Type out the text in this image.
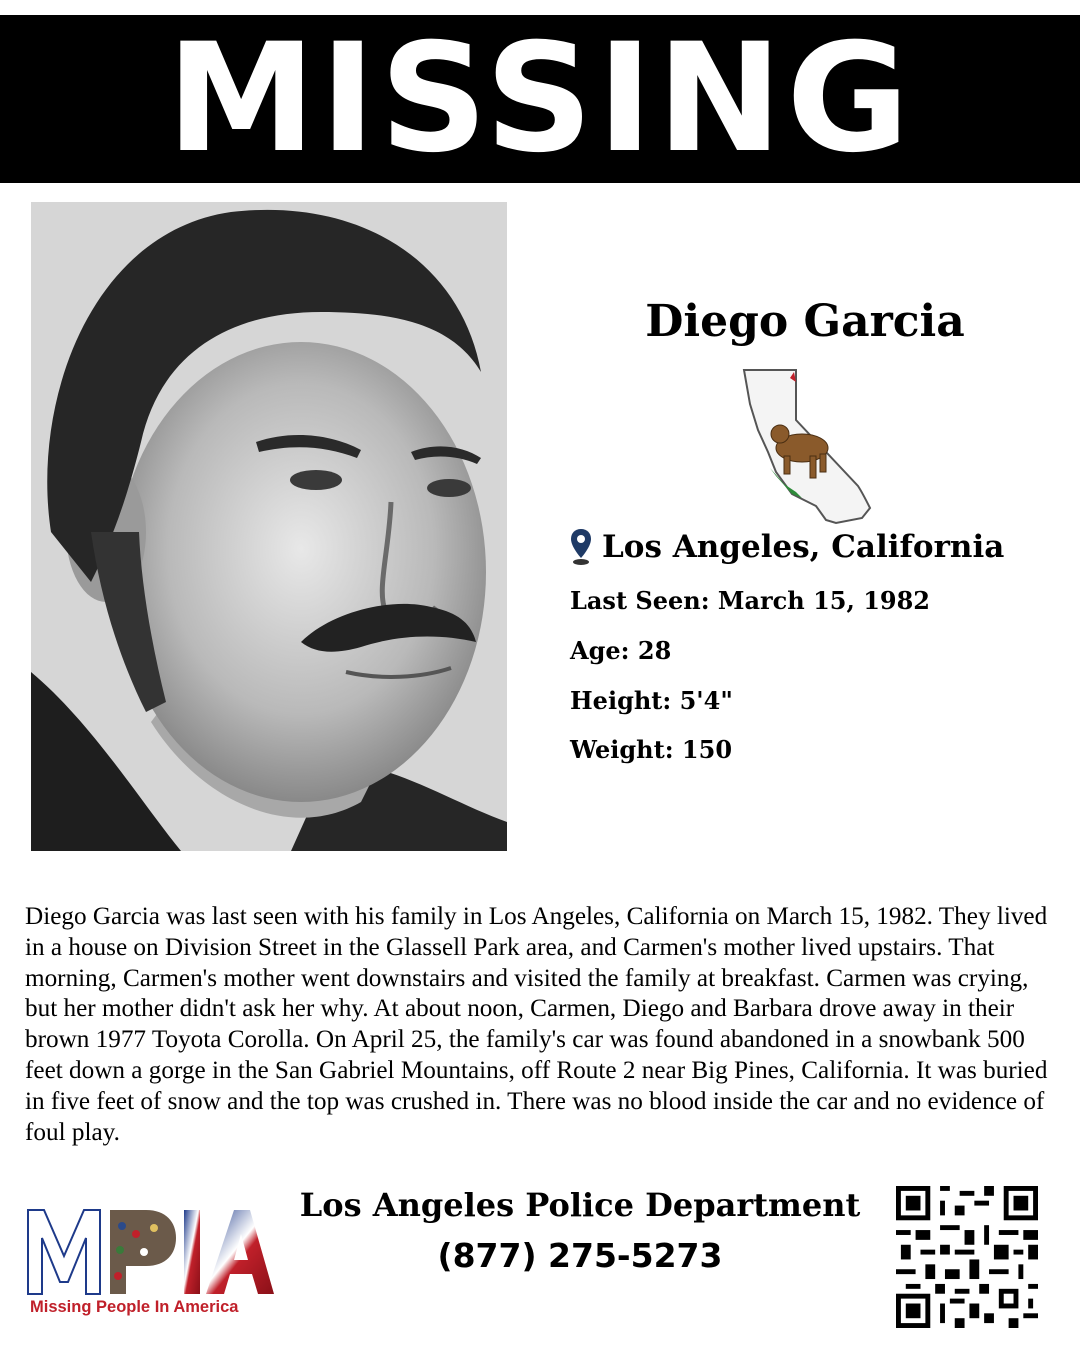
MISSING
Diego Garcia
Los Angeles, California
Last Seen: March 15, 1982
Age: 28
Height: 5'4"
Weight: 150
Diego Garcia was last seen with his family in Los Angeles, California on March 15, 1982. They lived in a house on Division Street in the Glassell Park area, and Carmen's mother lived upstairs. That morning, Carmen's mother went downstairs and visited the family at breakfast. Carmen was crying, but her mother didn't ask her why. At about noon, Carmen, Diego and Barbara drove away in their brown 1977 Toyota Corolla. On April 25, the family's car was found abandoned in a snowbank 500 feet down a gorge in the San Gabriel Mountains, off Route 2 near Big Pines, California. It was buried in five feet of snow and the top was crushed in. There was no blood inside the car and no evidence of foul play.
Los Angeles Police Department
(877) 275-5273
Missing People In America
